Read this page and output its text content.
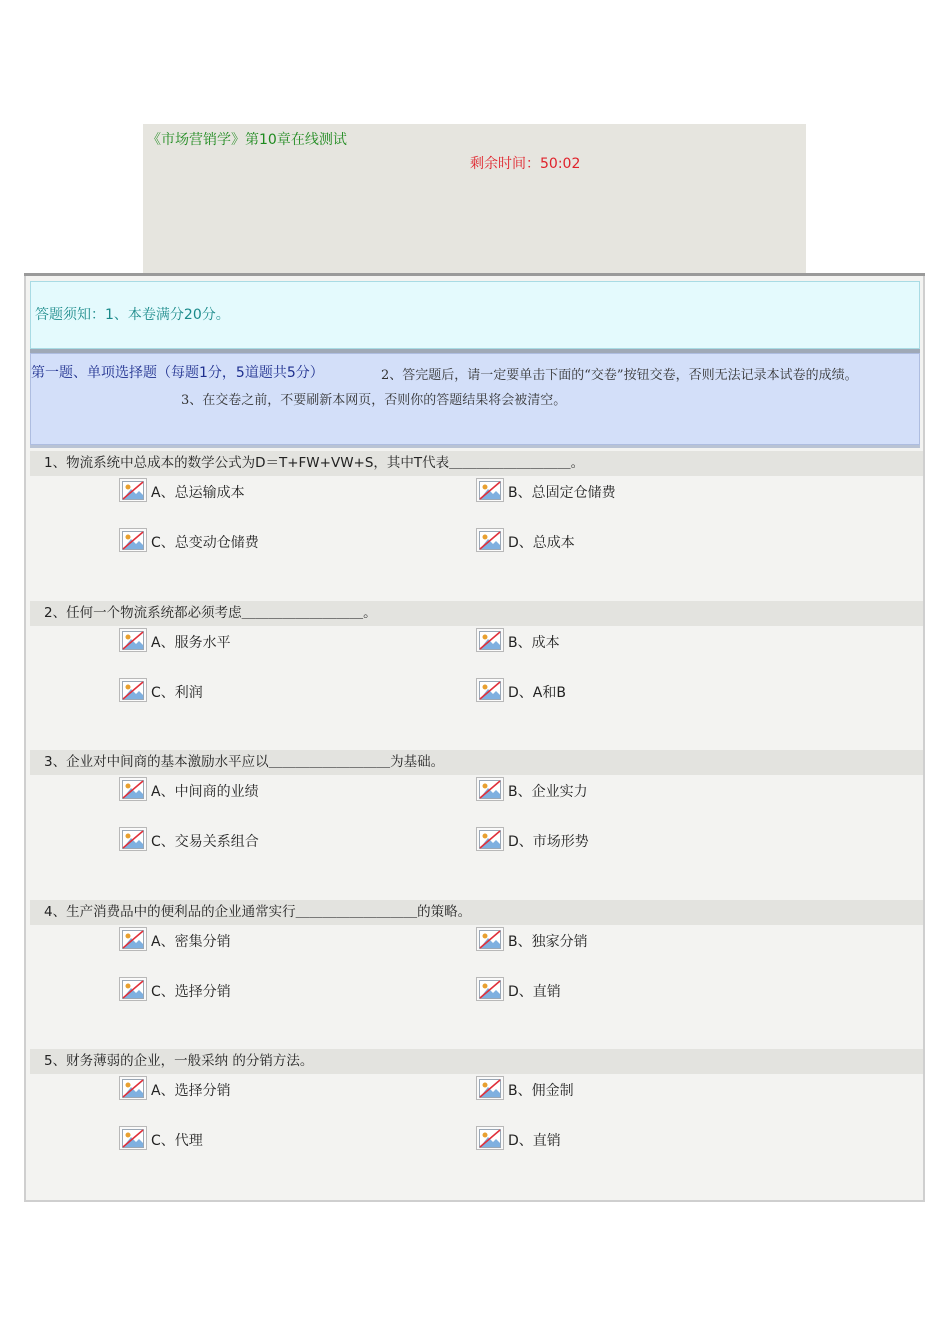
《市场营销学》第10章在线测试
剩余时间：50:02
答题须知：1、本卷满分20分。
第一题、单项选择题（每题1分，5道题共5分）	2、答完题后，请一定要单击下面的“交卷”按钮交卷，否则无法记录本试卷的成绩。
3、在交卷之前，不要刷新本网页，否则你的答题结果将会被清空。
1、物流系统中总成本的数学公式为D＝T+FW+VW+S，其中T代表＿＿＿＿＿＿＿＿＿。
A、总运输成本	B、总固定仓储费
C、总变动仓储费	D、总成本
2、任何一个物流系统都必须考虑＿＿＿＿＿＿＿＿＿。
A、服务水平	B、成本
C、利润	D、A和B
3、企业对中间商的基本激励水平应以＿＿＿＿＿＿＿＿＿为基础。
A、中间商的业绩	B、企业实力
C、交易关系组合	D、市场形势
4、生产消费品中的便利品的企业通常实行＿＿＿＿＿＿＿＿＿的策略。
A、密集分销	B、独家分销
C、选择分销	D、直销
5、财务薄弱的企业，一般采纳 的分销方法。
A、选择分销	B、佣金制
C、代理	D、直销
